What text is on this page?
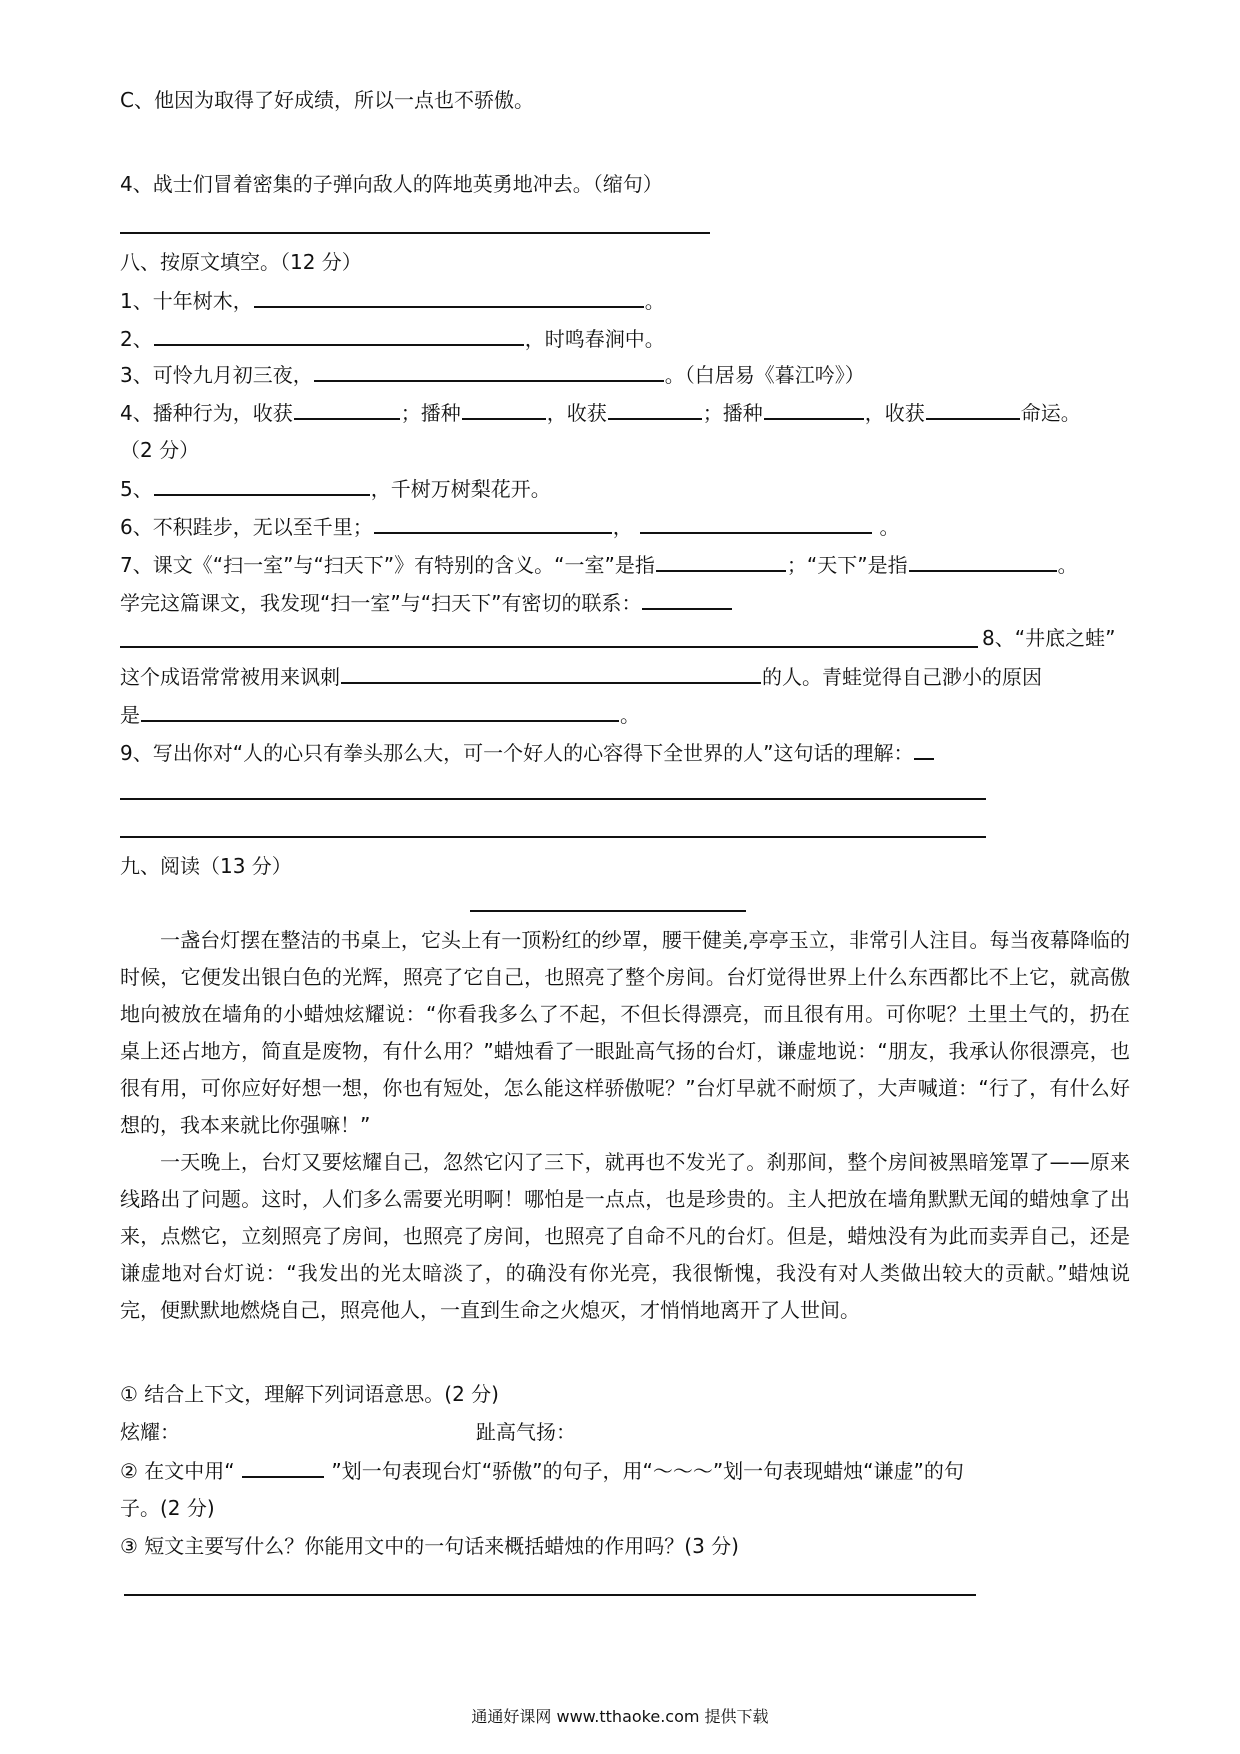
C、他因为取得了好成绩，所以一点也不骄傲。
4、战士们冒着密集的子弹向敌人的阵地英勇地冲去。（缩句）
八、按原文填空。（12 分）
1、十年树木，	。
2、	，时鸣春涧中。
3、可怜九月初三夜，	。（白居易《暮江吟》）
4、播种行为，收获	；播种	，收获	；播种	，收获	命运。
（2 分）
5、	，千树万树梨花开。
6、不积跬步，无以至千里；	，	。
7、课文《“扫一室”与“扫天下”》有特别的含义。“一室”是指	；“天下”是指	。
学完这篇课文，我发现“扫一室”与“扫天下”有密切的联系：
8、“井底之蛙”
这个成语常常被用来讽刺	的人。青蛙觉得自己渺小的原因
是	。
9、写出你对“人的心只有拳头那么大，可一个好人的心容得下全世界的人”这句话的理解：
九、阅读（13 分）
一盏台灯摆在整洁的书桌上，它头上有一顶粉红的纱罩，腰干健美,亭亭玉立，非常引人注目。每当夜幕降临的时候，它便发出银白色的光辉，照亮了它自己，也照亮了整个房间。台灯觉得世界上什么东西都比不上它，就高傲地向被放在墙角的小蜡烛炫耀说：“你看我多么了不起，不但长得漂亮，而且很有用。可你呢？土里土气的，扔在桌上还占地方，简直是废物，有什么用？”蜡烛看了一眼趾高气扬的台灯，谦虚地说：“朋友，我承认你很漂亮，也很有用，可你应好好想一想，你也有短处，怎么能这样骄傲呢？”台灯早就不耐烦了，大声喊道：“行了，有什么好想的，我本来就比你强嘛！”
一天晚上，台灯又要炫耀自己，忽然它闪了三下，就再也不发光了。刹那间，整个房间被黑暗笼罩了——原来线路出了问题。这时，人们多么需要光明啊！哪怕是一点点，也是珍贵的。主人把放在墙角默默无闻的蜡烛拿了出来，点燃它，立刻照亮了房间，也照亮了房间，也照亮了自命不凡的台灯。但是，蜡烛没有为此而卖弄自己，还是谦虚地对台灯说：“我发出的光太暗淡了，的确没有你光亮，我很惭愧，我没有对人类做出较大的贡献。”蜡烛说完，便默默地燃烧自己，照亮他人，一直到生命之火熄灭，才悄悄地离开了人世间。
① 结合上下文，理解下列词语意思。(2 分)
炫耀：	趾高气扬：
② 在文中用“	”划一句表现台灯“骄傲”的句子，用“～～～”划一句表现蜡烛“谦虚”的句
子。(2 分)
③ 短文主要写什么？你能用文中的一句话来概括蜡烛的作用吗？(3 分)
通通好课网 www.tthaoke.com 提供下载
